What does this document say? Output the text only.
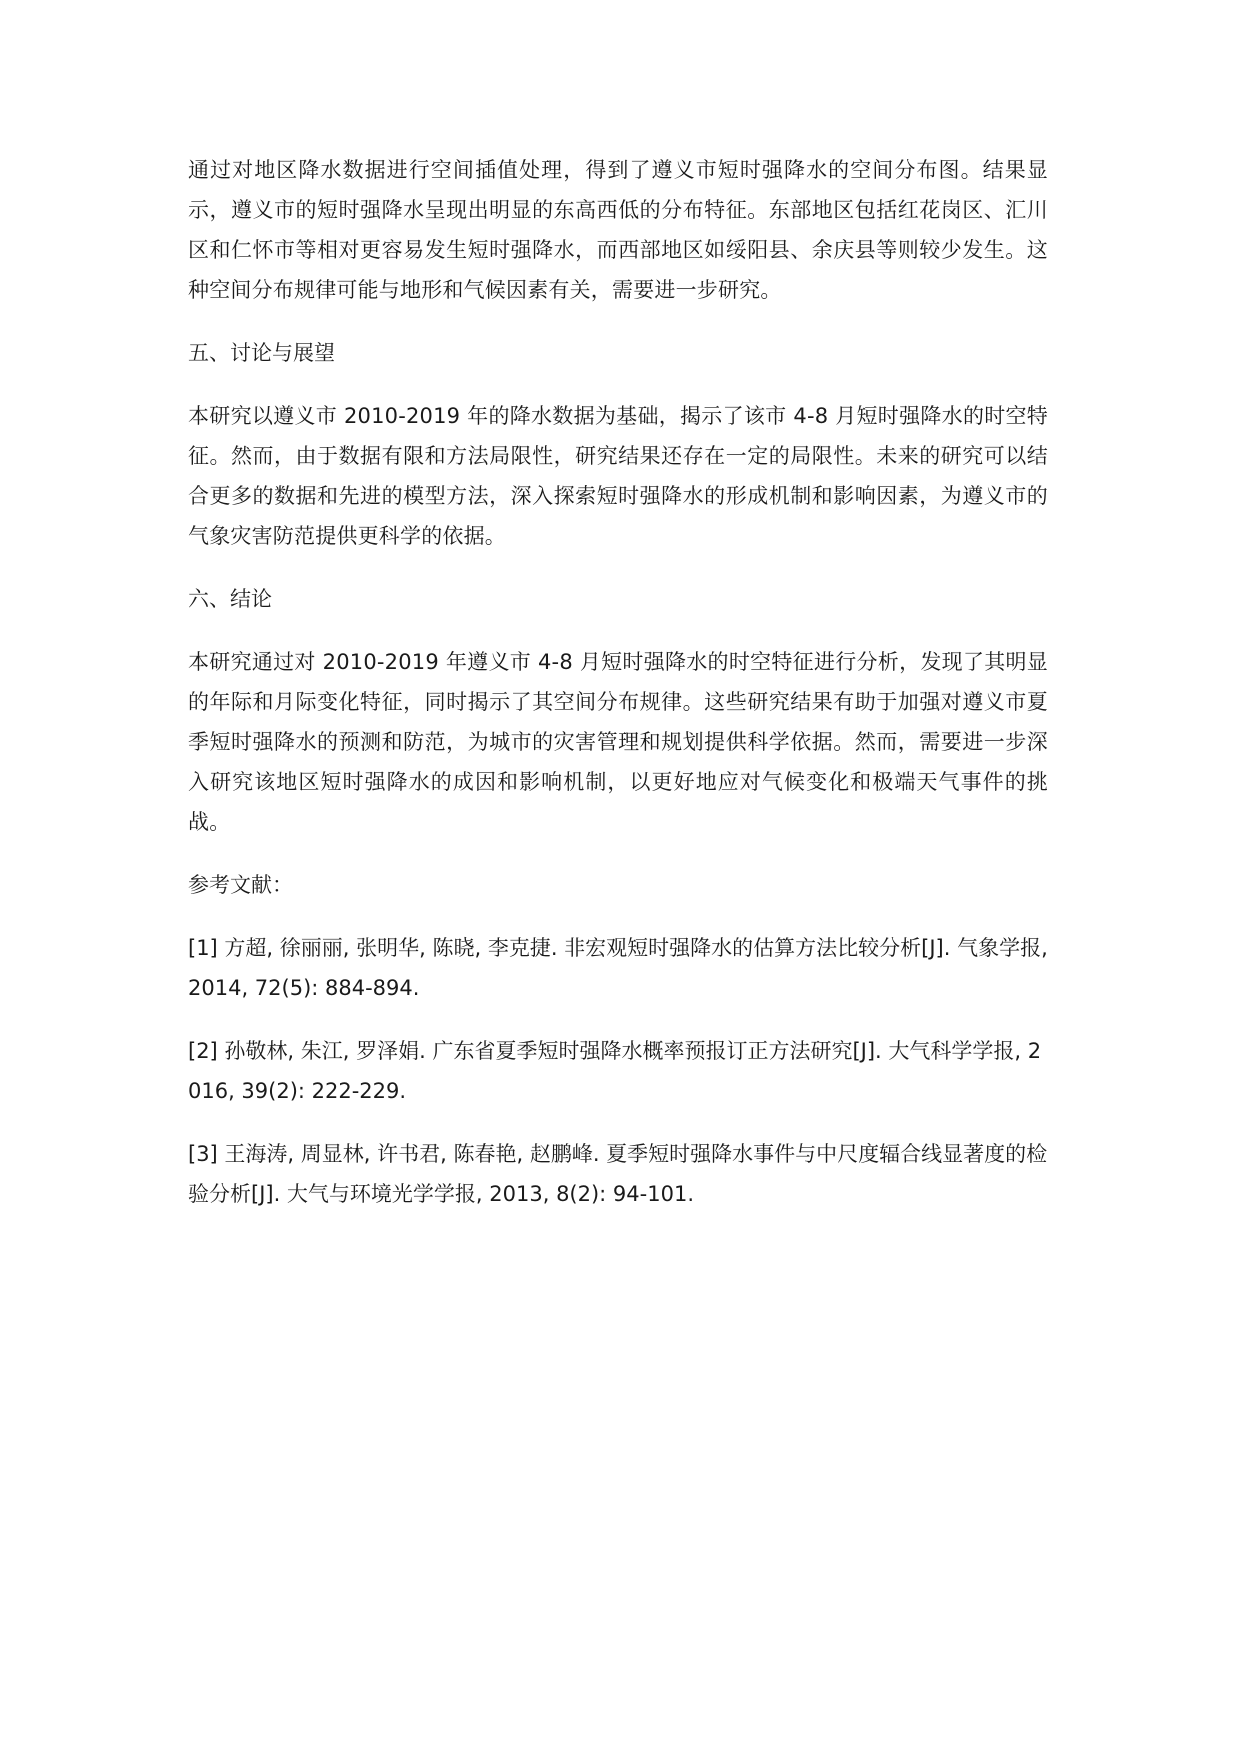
通过对地区降水数据进行空间插值处理，得到了遵义市短时强降水的空间分布图。结果显示，遵义市的短时强降水呈现出明显的东高西低的分布特征。东部地区包括红花岗区、汇川区和仁怀市等相对更容易发生短时强降水，而西部地区如绥阳县、余庆县等则较少发生。这种空间分布规律可能与地形和气候因素有关，需要进一步研究。

五、讨论与展望

本研究以遵义市 2010-2019 年的降水数据为基础，揭示了该市 4-8 月短时强降水的时空特征。然而，由于数据有限和方法局限性，研究结果还存在一定的局限性。未来的研究可以结合更多的数据和先进的模型方法，深入探索短时强降水的形成机制和影响因素，为遵义市的气象灾害防范提供更科学的依据。

六、结论

本研究通过对 2010-2019 年遵义市 4-8 月短时强降水的时空特征进行分析，发现了其明显的年际和月际变化特征，同时揭示了其空间分布规律。这些研究结果有助于加强对遵义市夏季短时强降水的预测和防范，为城市的灾害管理和规划提供科学依据。然而，需要进一步深入研究该地区短时强降水的成因和影响机制，以更好地应对气候变化和极端天气事件的挑战。

参考文献：

[1] 方超, 徐丽丽, 张明华, 陈晓, 李克捷. 非宏观短时强降水的估算方法比较分析[J]. 气象学报, 2014, 72(5): 884-894.

[2] 孙敬林, 朱江, 罗泽娟. 广东省夏季短时强降水概率预报订正方法研究[J]. 大气科学学报, 2016, 39(2): 222-229.

[3] 王海涛, 周显林, 许书君, 陈春艳, 赵鹏峰. 夏季短时强降水事件与中尺度辐合线显著度的检验分析[J]. 大气与环境光学学报, 2013, 8(2): 94-101.
